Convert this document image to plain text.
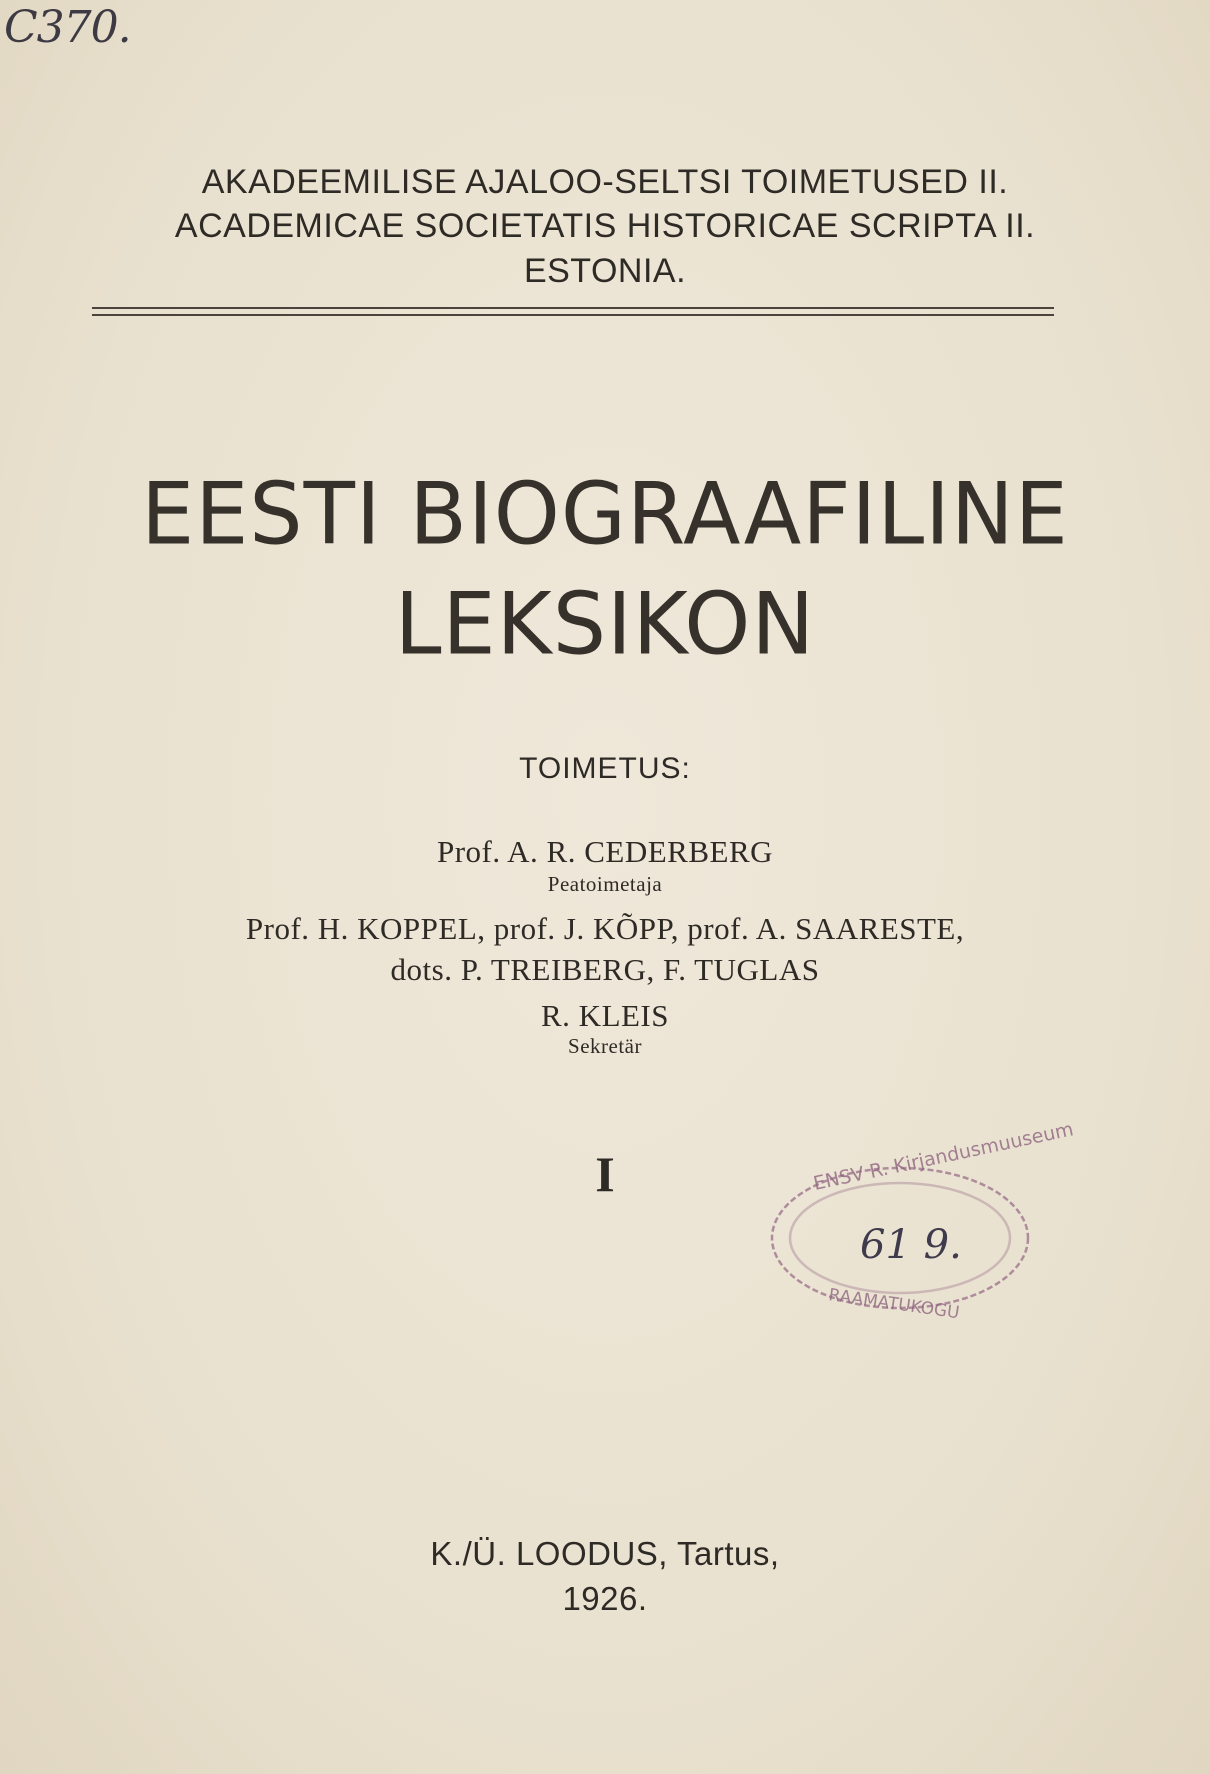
C370.
AKADEEMILISE AJALOO-SELTSI TOIMETUSED II.
ACADEMICAE SOCIETATIS HISTORICAE SCRIPTA II.
ESTONIA.
EESTI BIOGRAAFILINE
LEKSIKON
TOIMETUS:
Prof. A. R. CEDERBERG
Peatoimetaja
Prof. H. KOPPEL, prof. J. KÕPP, prof. A. SAARESTE,
dots. P. TREIBERG, F. TUGLAS
R. KLEIS
Sekretär
I	ENSV R. Kirjandusmuuseum
RAAMATUKOGU
61 9.
K./Ü. LOODUS, Tartus,
1926.
